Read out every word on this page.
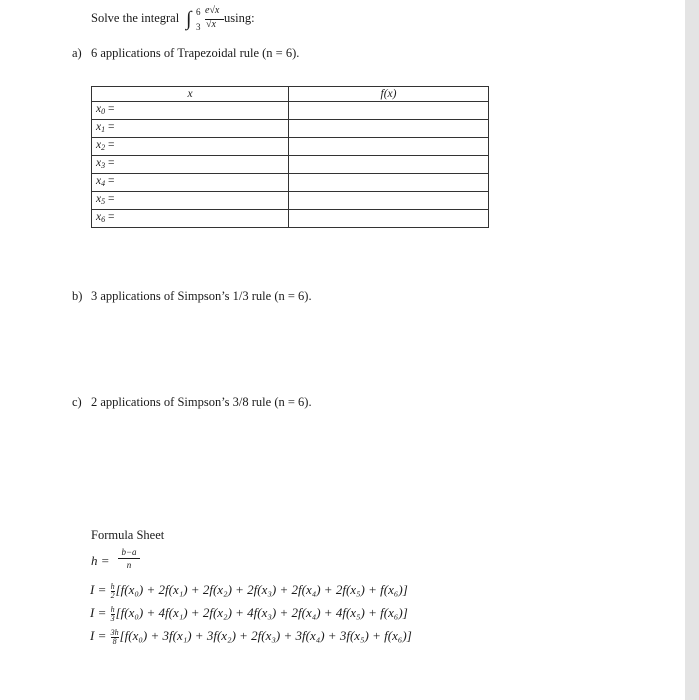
Solve the integral ∫ 6
3
e√x
√x using:
a) 6 applications of Trapezoidal rule (n = 6).
x	f(x)
$x_0$ =	
$x_1$ =	
$x_2$ =	
$x_3$ =	
$x_4$ =	
$x_5$ =	
$x_6$ =	
b) 3 applications of Simpson’s 1/3 rule (n = 6).
c) 2 applications of Simpson’s 3/8 rule (n = 6).
Formula Sheet
h =
b−a
n
$I = \frac{h}{2} [f(x_0) + 2f(x_1) + 2f(x_2) + 2f(x_3) + 2f(x_4) + 2f(x_5) + f(x_6)]$
$I = \frac{h}{3} [f(x_0) + 4f(x_1) + 2f(x_2) + 4f(x_3) + 2f(x_4) + 4f(x_5) + f(x_6)]$
$I = \frac{3h}{8} [f(x_0) + 3f(x_1) + 3f(x_2) + 2f(x_3) + 3f(x_4) + 3f(x_5) + f(x_6)]$
